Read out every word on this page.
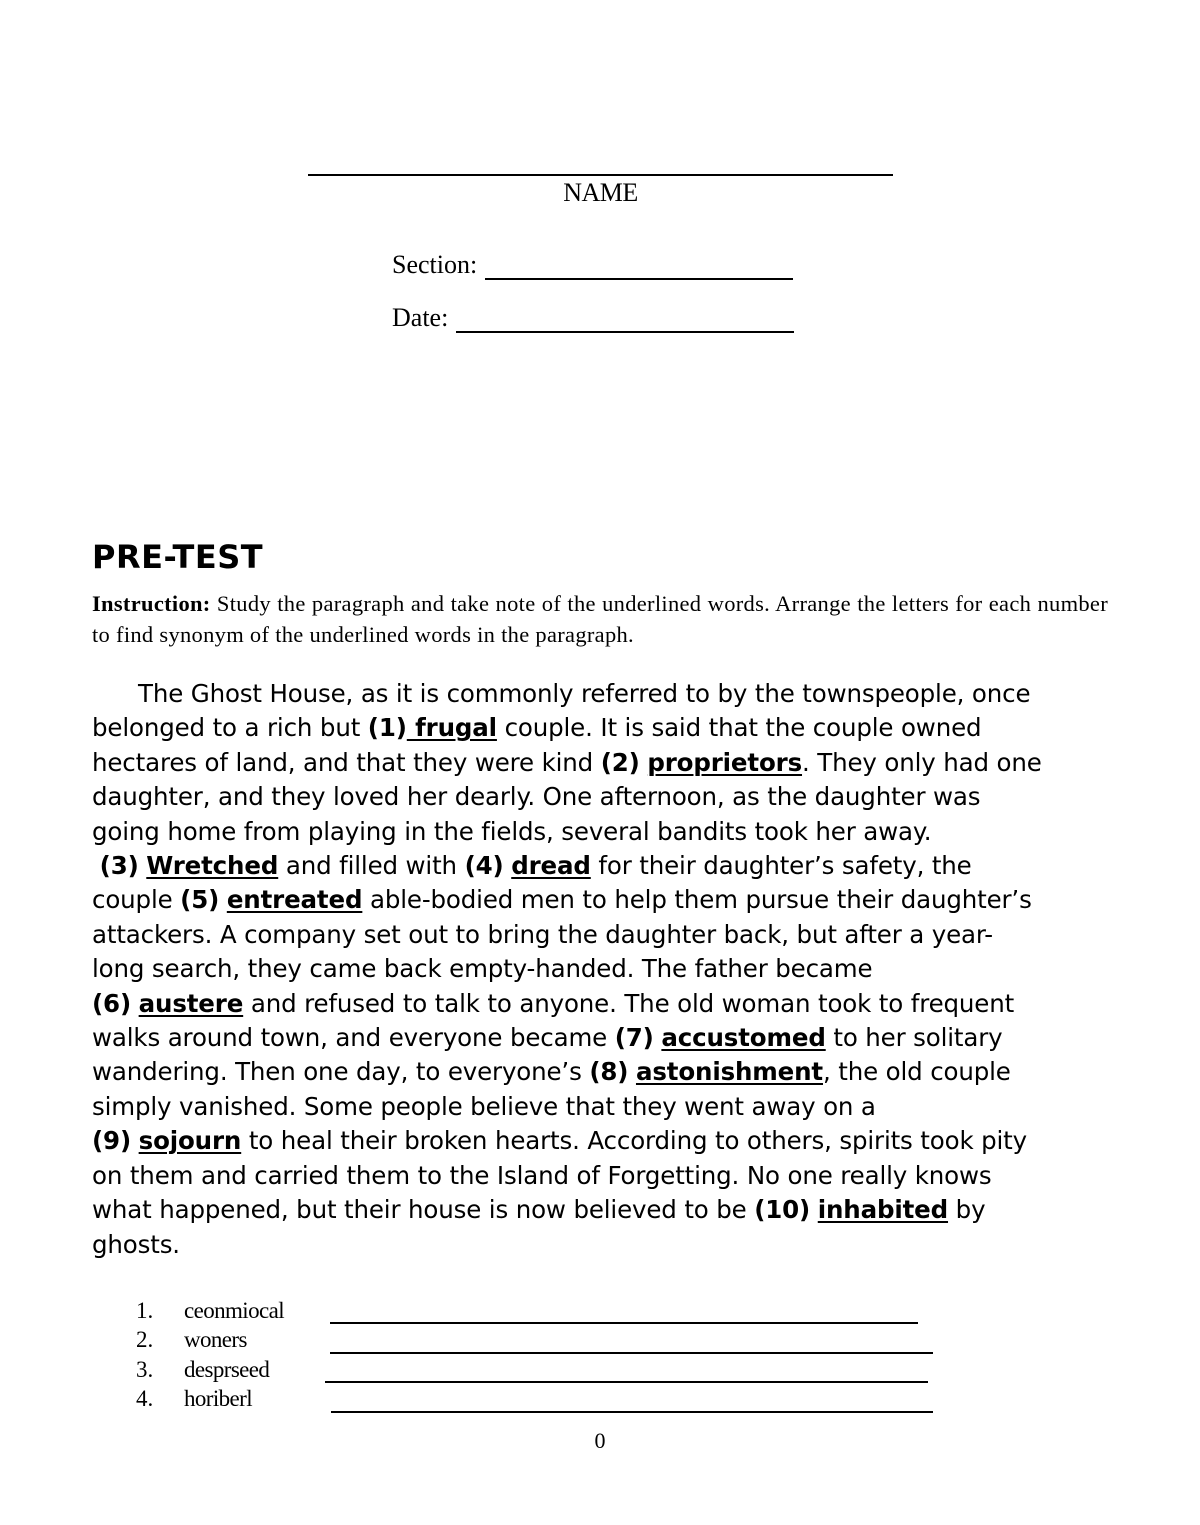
NAME
Section:
Date:
PRE-TEST
Instruction: Study the paragraph and take note of the underlined words. Arrange the letters for each number to find synonym of the underlined words in the paragraph.
The Ghost House, as it is commonly referred to by the townspeople, once
belonged to a rich but (1) frugal couple. It is said that the couple owned
hectares of land, and that they were kind (2) proprietors. They only had one
daughter, and they loved her dearly. One afternoon, as the daughter was
going home from playing in the fields, several bandits took her away.
(3) Wretched and filled with (4) dread for their daughter’s safety, the
couple (5) entreated able-bodied men to help them pursue their daughter’s
attackers. A company set out to bring the daughter back, but after a year-
long search, they came back empty-handed. The father became
(6) austere and refused to talk to anyone. The old woman took to frequent
walks around town, and everyone became (7) accustomed to her solitary
wandering. Then one day, to everyone’s (8) astonishment, the old couple
simply vanished. Some people believe that they went away on a
(9) sojourn to heal their broken hearts. According to others, spirits took pity
on them and carried them to the Island of Forgetting. No one really knows
what happened, but their house is now believed to be (10) inhabited by
ghosts.
1.	ceonmiocal
2.	woners
3.	desprseed
4.	horiberl
0
